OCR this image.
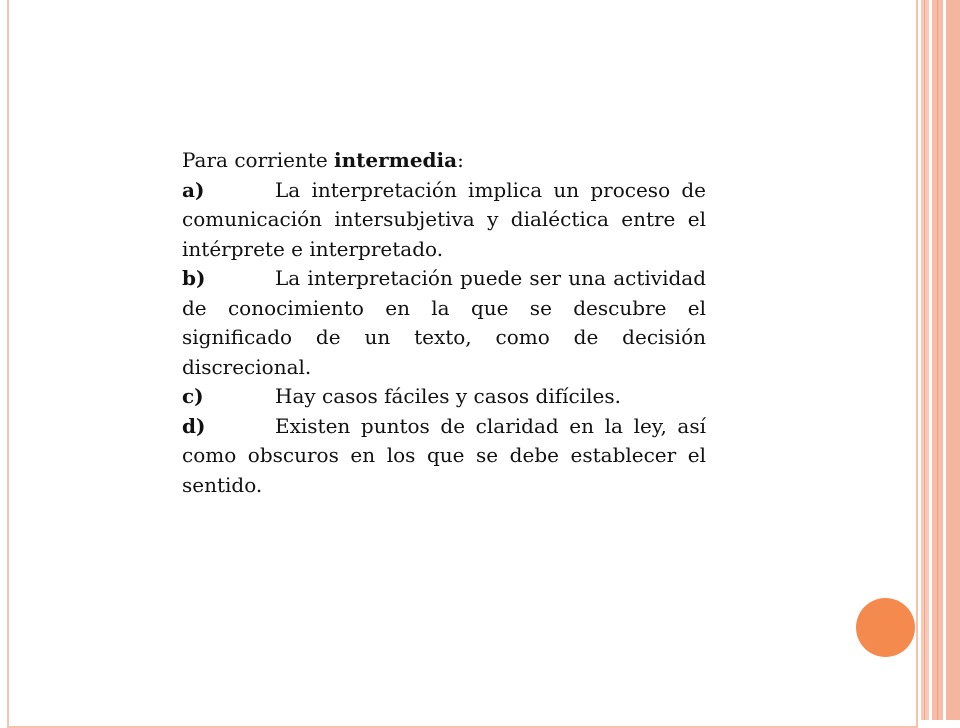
Para corriente intermedia:

a)	La interpretación implica un proceso de comunicación intersubjetiva y dialéctica entre el intérprete e interpretado.

b)	La interpretación puede ser una actividad de conocimiento en la que se descubre el significado de un texto, como de decisión discrecional.

c)	Hay casos fáciles y casos difíciles.

d)	Existen puntos de claridad en la ley, así como obscuros en los que se debe establecer el sentido.
